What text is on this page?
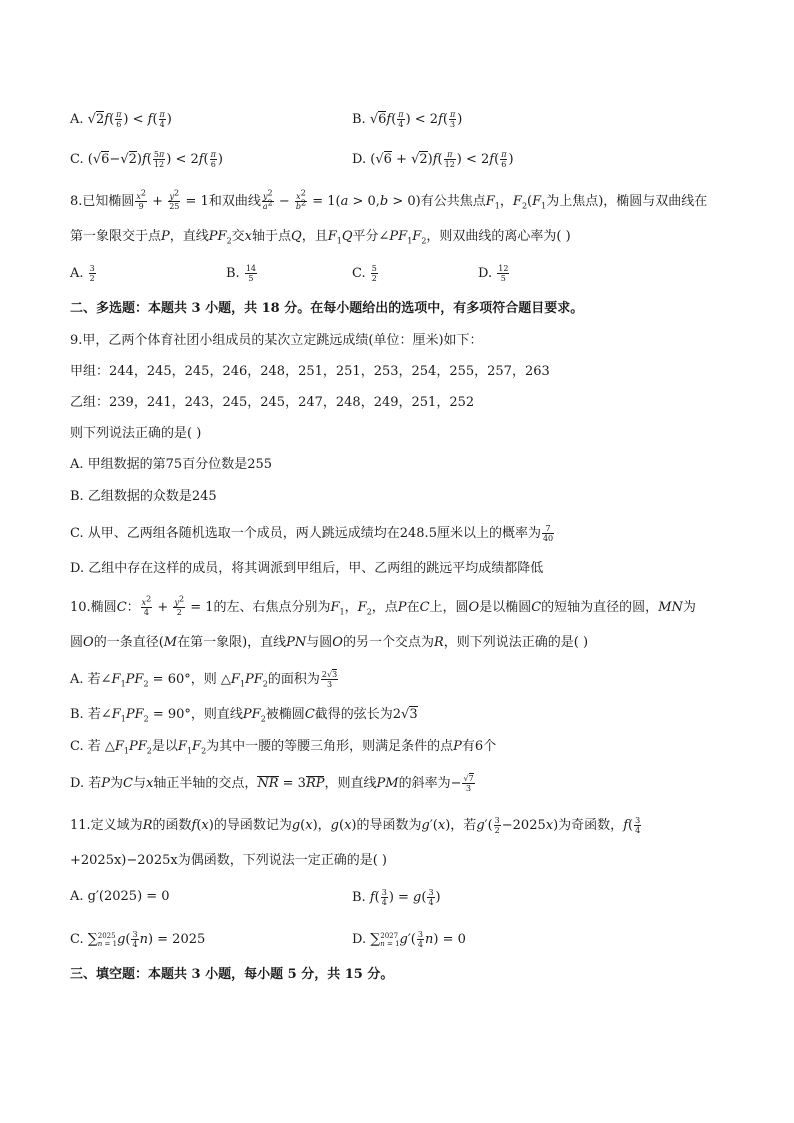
A. $√2f( \frac{\pi}{6}$ ) < $f( \frac{\pi}{4}$ )	B. $√6f( \frac{\pi}{4}$ ) < $2f( \frac{\pi}{3}$ )
C. $(√6-√2)f( \frac{5\pi}{12}$ ) < $2f( \frac{\pi}{6}$ )	D. $(√6 + √2)f( \frac{\pi}{12}$ ) < $2f( \frac{\pi}{6}$ )
8.已知椭圆 $\frac{x^2}{9} + \frac{y^2}{25} = 1$和双曲线 $\frac{y^2}{a^2} - \frac{x^2}{b^2} = 1(a > 0,b > 0)$有公共焦点$F_1$，$F_2(F_1$为上焦点)，椭圆与双曲线在
第一象限交于点P，直线$PF_2$交x轴于点Q，且$F_1Q$平分$\angle PF_1F_2$，则双曲线的离心率为( )
A. $\frac{3}{2}$	B. $\frac{14}{5}$	C. $\frac{5}{2}$	D. $\frac{12}{5}$
二、多选题：本题共 3 小题，共 18 分。在每小题给出的选项中，有多项符合题目要求。
9.甲，乙两个体育社团小组成员的某次立定跳远成绩(单位：厘米)如下：
甲组：244，245，245，246，248，251，251，253，254，255，257，263
乙组：239，241，243，245，245，247，248，249，251，252
则下列说法正确的是( )
A. 甲组数据的第75百分位数是255
B. 乙组数据的众数是245
C. 从甲、乙两组各随机选取一个成员，两人跳远成绩均在248.5厘米以上的概率为 $\frac{7}{40}$
D. 乙组中存在这样的成员，将其调派到甲组后，甲、乙两组的跳远平均成绩都降低
10.椭圆C： $\frac{x^2}{4} + \frac{y^2}{2} = 1$的左、右焦点分别为$F_1$，$F_2$，点P在C上，圆O是以椭圆C的短轴为直径的圆，MN为
圆O的一条直径(M在第一象限)，直线PN与圆O的另一个交点为R，则下列说法正确的是( )
A. 若$\angle F_1PF_2 = 60^\circ$，则 $\triangle F_1PF_2$的面积为 $\frac{2√3}{3}$
B. 若$\angle F_1PF_2 = 90^\circ$，则直线$PF_2$被椭圆C截得的弦长为2√3
C. 若 $\triangle F_1PF_2$是以$F_1F_2$为其中一腰的等腰三角形，则满足条件的点P有6个
D. 若P为C与x轴正半轴的交点，NR = 3RP，则直线PM的斜率为− $\frac{√7}{3}$
11.定义域为R的函数f(x)的导函数记为g(x)，g(x)的导函数为g′(x)，若$g'( \frac{3}{2} -2025x)$为奇函数，$f( \frac{3}{4}$
+2025x)−2025x为偶函数，下列说法一定正确的是( )
A. g′(2025) = 0	B. $f( \frac{3}{4}$ ) = $g( \frac{3}{4}$ )
C. ∑2025
$n = 1g( \frac{3}{4} n) = 2025$	D. ∑2027
$n = 1g'( \frac{3}{4} n) = 0$
三、填空题：本题共 3 小题，每小题 5 分，共 15 分。
